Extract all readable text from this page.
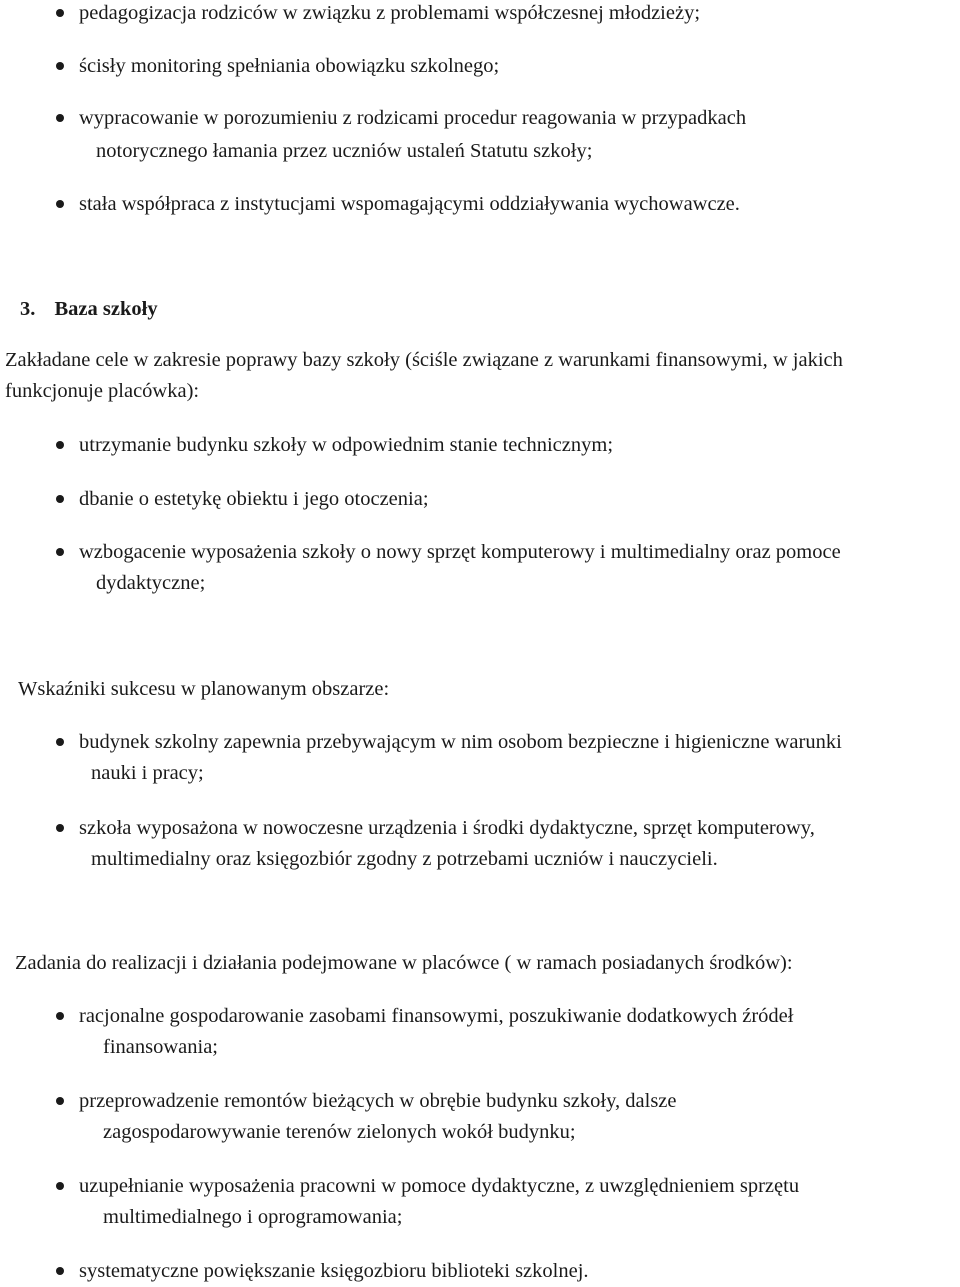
pedagogizacja rodziców w związku z problemami współczesnej młodzieży;
ścisły monitoring spełniania obowiązku szkolnego;
wypracowanie w porozumieniu z rodzicami procedur reagowania w przypadkach
notorycznego łamania przez uczniów ustaleń Statutu szkoły;
stała współpraca z instytucjami wspomagającymi oddziaływania wychowawcze.
3. Baza szkoły
Zakładane cele w zakresie poprawy bazy szkoły (ściśle związane z warunkami finansowymi, w jakich
funkcjonuje placówka):
utrzymanie budynku szkoły w odpowiednim stanie technicznym;
dbanie o estetykę obiektu i jego otoczenia;
wzbogacenie wyposażenia szkoły o nowy sprzęt komputerowy i multimedialny oraz pomoce
dydaktyczne;
Wskaźniki sukcesu w planowanym obszarze:
budynek szkolny zapewnia przebywającym w nim osobom bezpieczne i higieniczne warunki
nauki i pracy;
szkoła wyposażona w nowoczesne urządzenia i środki dydaktyczne, sprzęt komputerowy,
multimedialny oraz księgozbiór zgodny z potrzebami uczniów i nauczycieli.
Zadania do realizacji i działania podejmowane w placówce ( w ramach posiadanych środków):
racjonalne gospodarowanie zasobami finansowymi, poszukiwanie dodatkowych źródeł
finansowania;
przeprowadzenie remontów bieżących w obrębie budynku szkoły, dalsze
zagospodarowywanie terenów zielonych wokół budynku;
uzupełnianie wyposażenia pracowni w pomoce dydaktyczne, z uwzględnieniem sprzętu
multimedialnego i oprogramowania;
systematyczne powiększanie księgozbioru biblioteki szkolnej.
